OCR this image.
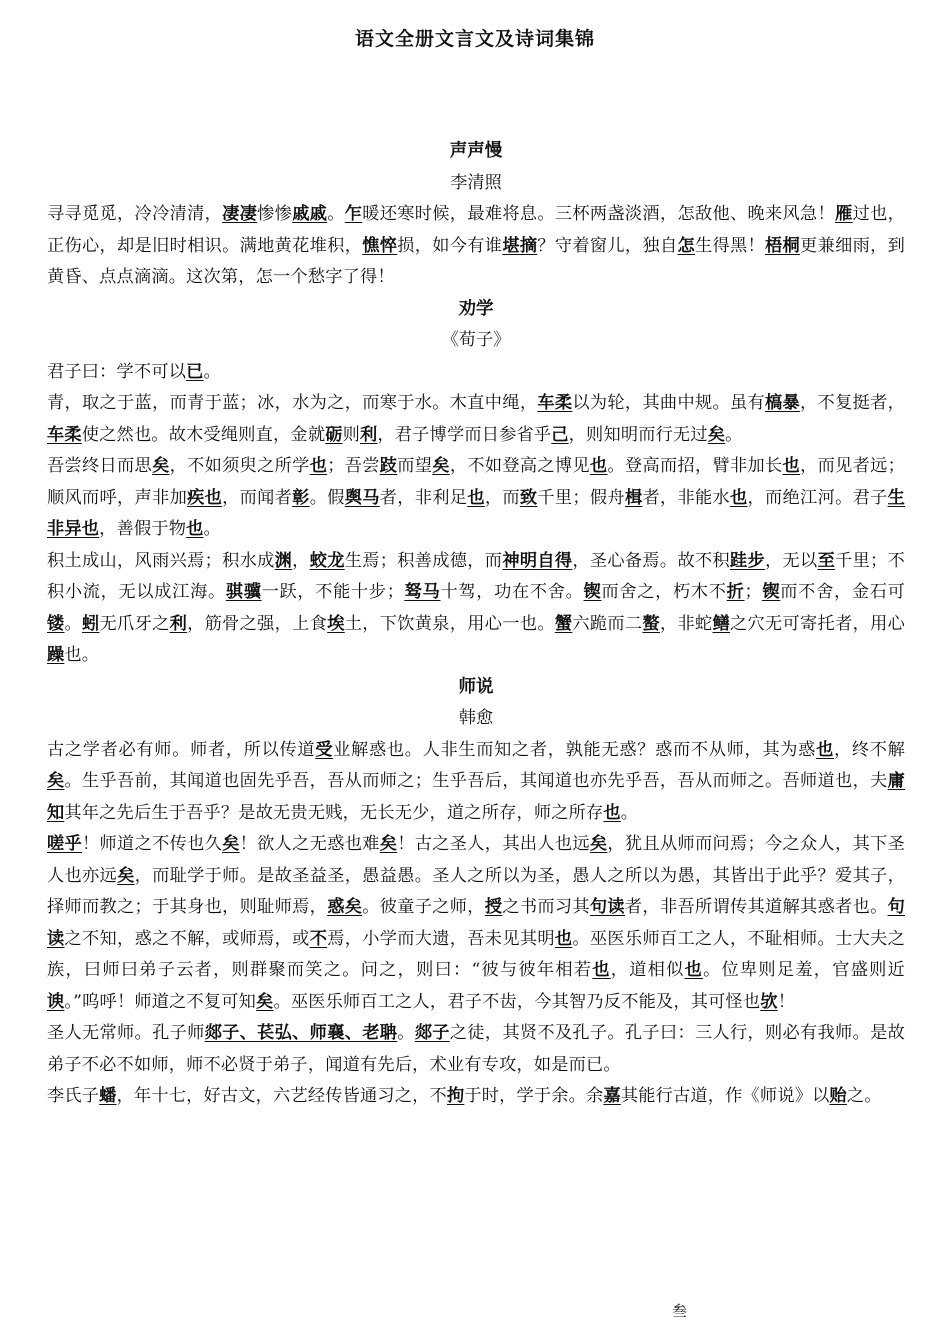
语文全册文言文及诗词集锦
声声慢
李清照
寻寻觅觅，冷冷清清，凄凄惨惨戚戚。乍暖还寒时候，最难将息。三杯两盏淡酒，怎敌他、晚来风急！雁过也，正伤心，却是旧时相识。满地黄花堆积，憔悴损，如今有谁堪摘？守着窗儿，独自怎生得黑！梧桐更兼细雨，到黄昏、点点滴滴。这次第，怎一个愁字了得！
劝学
《荀子》
君子曰：学不可以已。
青，取之于蓝，而青于蓝；冰，水为之，而寒于水。木直中绳，车柔以为轮，其曲中规。虽有槁暴，不复挺者，车柔使之然也。故木受绳则直，金就砺则利，君子博学而日参省乎己，则知明而行无过矣。
吾尝终日而思矣，不如须臾之所学也；吾尝跂而望矣，不如登高之博见也。登高而招，臂非加长也，而见者远；顺风而呼，声非加疾也，而闻者彰。假舆马者，非利足也，而致千里；假舟楫者，非能水也，而绝江河。君子生非异也，善假于物也。
积土成山，风雨兴焉；积水成渊，蛟龙生焉；积善成德，而神明自得，圣心备焉。故不积跬步，无以至千里；不积小流，无以成江海。骐骥一跃，不能十步；驽马十驾，功在不舍。锲而舍之，朽木不折；锲而不舍，金石可镂。蚓无爪牙之利，筋骨之强，上食埃土，下饮黄泉，用心一也。蟹六跪而二螯，非蛇鳝之穴无可寄托者，用心躁也。
师说
韩愈
古之学者必有师。师者，所以传道受业解惑也。人非生而知之者，孰能无惑？惑而不从师，其为惑也，终不解矣。生乎吾前，其闻道也固先乎吾，吾从而师之；生乎吾后，其闻道也亦先乎吾，吾从而师之。吾师道也，夫庸知其年之先后生于吾乎？是故无贵无贱，无长无少，道之所存，师之所存也。
嗟乎！师道之不传也久矣！欲人之无惑也难矣！古之圣人，其出人也远矣，犹且从师而问焉；今之众人，其下圣人也亦远矣，而耻学于师。是故圣益圣，愚益愚。圣人之所以为圣，愚人之所以为愚，其皆出于此乎？爱其子，择师而教之；于其身也，则耻师焉，惑矣。彼童子之师，授之书而习其句读者，非吾所谓传其道解其惑者也。句读之不知，惑之不解，或师焉，或不焉，小学而大遗，吾未见其明也。巫医乐师百工之人，不耻相师。士大夫之族，曰师曰弟子云者，则群聚而笑之。问之，则曰：“彼与彼年相若也，道相似也。位卑则足羞，官盛则近谀。”呜呼！师道之不复可知矣。巫医乐师百工之人，君子不齿，今其智乃反不能及，其可怪也欤！
圣人无常师。孔子师郯子、苌弘、师襄、老聃。郯子之徒，其贤不及孔子。孔子曰：三人行，则必有我师。是故弟子不必不如师，师不必贤于弟子，闻道有先后，术业有专攻，如是而已。
李氏子蟠，年十七，好古文，六艺经传皆通习之，不拘于时，学于余。余嘉其能行古道，作《师说》以贻之。
叁
